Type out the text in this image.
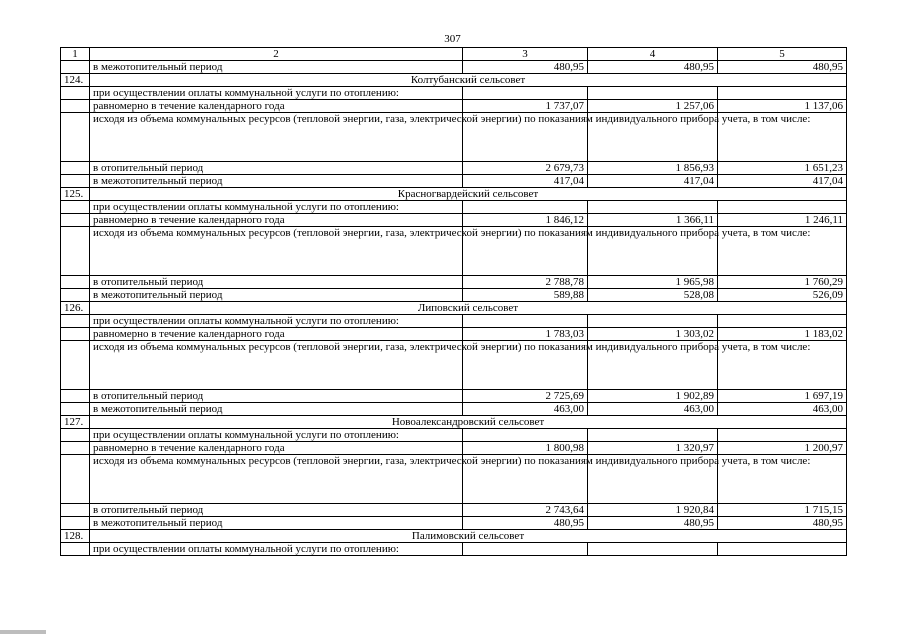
307
1	2	3	4	5
	в межотопительный период	480,95	480,95	480,95
124.	Колтубанский сельсовет			
	при осуществлении оплаты коммунальной услуги по отоплению:			
	равномерно в течение календарного года	1 737,07	1 257,06	1 137,06
	исходя из объема коммунальных ресурсов (тепловой энергии, газа, электрической энергии) по показаниям индивидуального прибора учета, в том числе:			
	в отопительный период	2 679,73	1 856,93	1 651,23
	в межотопительный период	417,04	417,04	417,04
125.	Красногвардейский сельсовет			
	при осуществлении оплаты коммунальной услуги по отоплению:			
	равномерно в течение календарного года	1 846,12	1 366,11	1 246,11
	исходя из объема коммунальных ресурсов (тепловой энергии, газа, электрической энергии) по показаниям индивидуального прибора учета, в том числе:			
	в отопительный период	2 788,78	1 965,98	1 760,29
	в межотопительный период	589,88	528,08	526,09
126.	Липовский сельсовет			
	при осуществлении оплаты коммунальной услуги по отоплению:			
	равномерно в течение календарного года	1 783,03	1 303,02	1 183,02
	исходя из объема коммунальных ресурсов (тепловой энергии, газа, электрической энергии) по показаниям индивидуального прибора учета, в том числе:			
	в отопительный период	2 725,69	1 902,89	1 697,19
	в межотопительный период	463,00	463,00	463,00
127.	Новоалександровский сельсовет			
	при осуществлении оплаты коммунальной услуги по отоплению:			
	равномерно в течение календарного года	1 800,98	1 320,97	1 200,97
	исходя из объема коммунальных ресурсов (тепловой энергии, газа, электрической энергии) по показаниям индивидуального прибора учета, в том числе:			
	в отопительный период	2 743,64	1 920,84	1 715,15
	в межотопительный период	480,95	480,95	480,95
128.	Палимовский сельсовет			
	при осуществлении оплаты коммунальной услуги по отоплению:			
